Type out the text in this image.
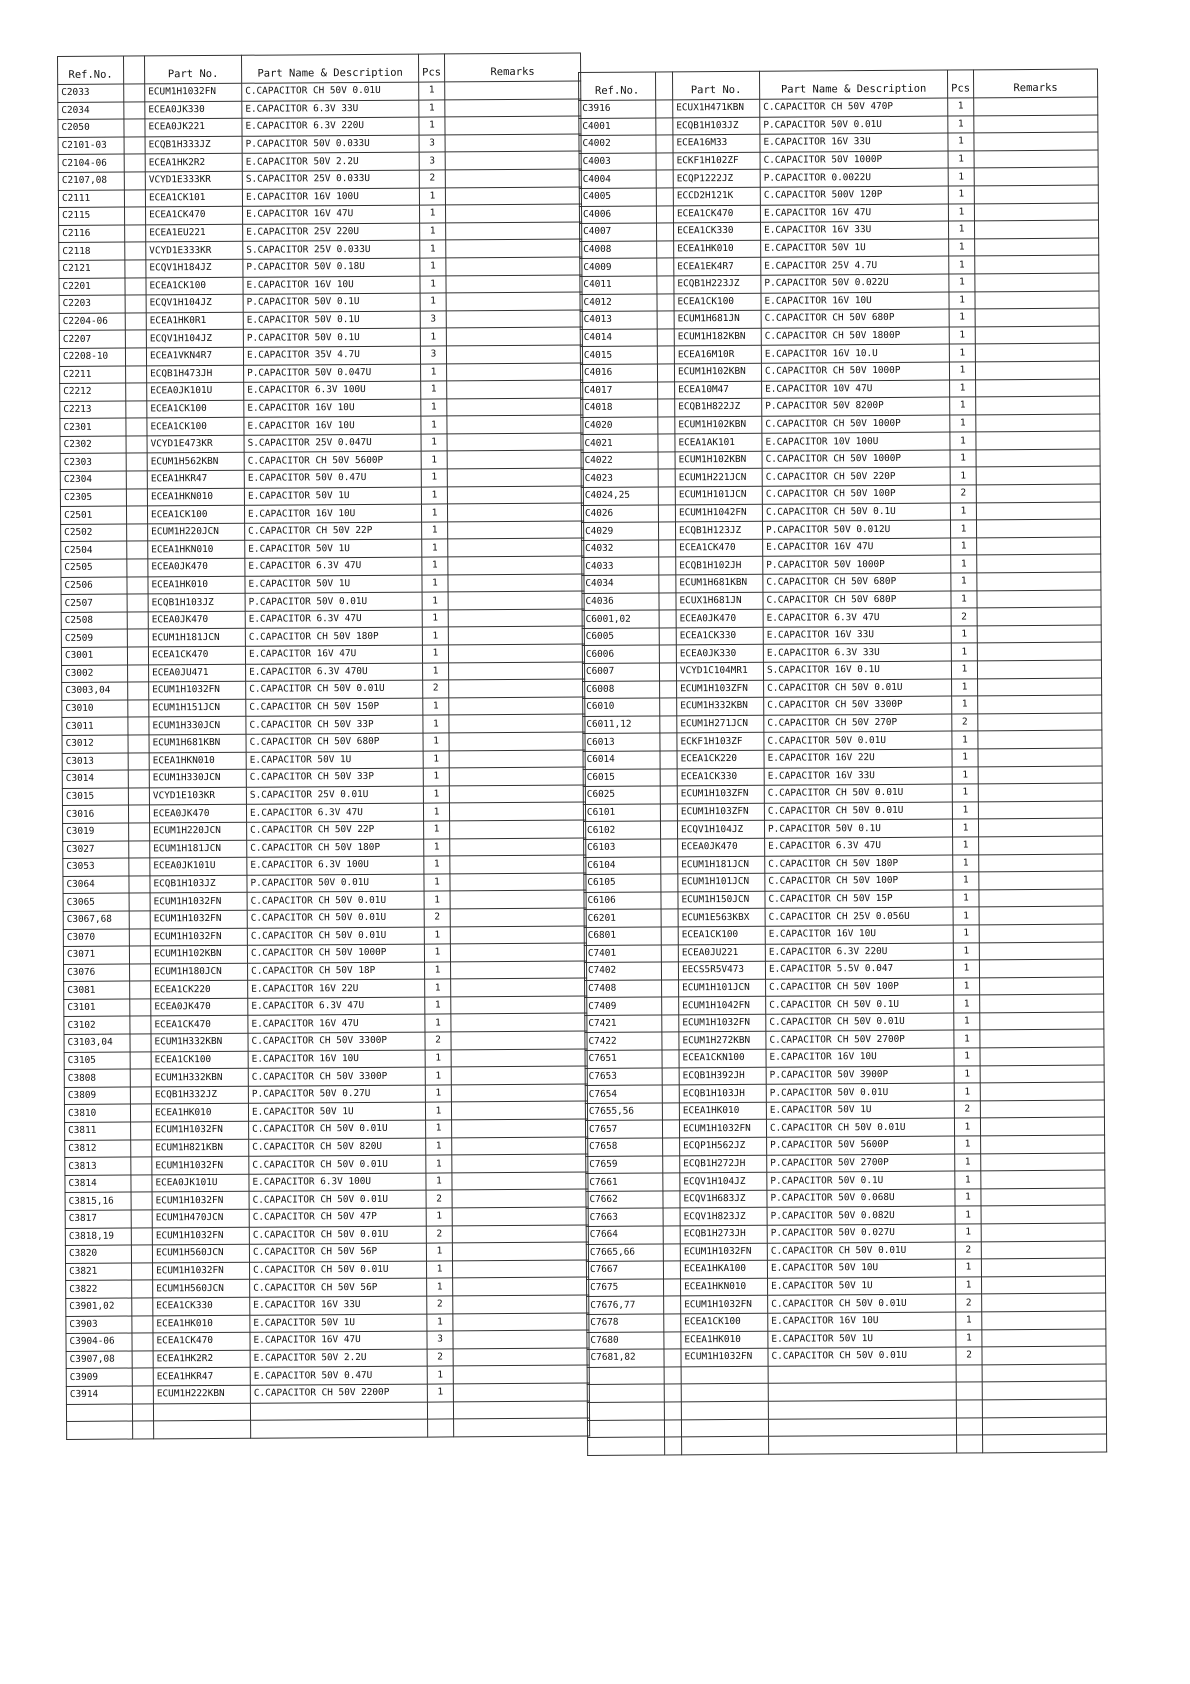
Ref.No.		Part No.	Part Name & Description	Pcs	Remarks
C2033		ECUM1H1032FN	C.CAPACITOR CH 50V 0.01U	1	
C2034		ECEA0JK330	E.CAPACITOR 6.3V 33U	1	
C2050		ECEA0JK221	E.CAPACITOR 6.3V 220U	1	
C2101-03		ECQB1H333JZ	P.CAPACITOR 50V 0.033U	3	
C2104-06		ECEA1HK2R2	E.CAPACITOR 50V 2.2U	3	
C2107,08		VCYD1E333KR	S.CAPACITOR 25V 0.033U	2	
C2111		ECEA1CK101	E.CAPACITOR 16V 100U	1	
C2115		ECEA1CK470	E.CAPACITOR 16V 47U	1	
C2116		ECEA1EU221	E.CAPACITOR 25V 220U	1	
C2118		VCYD1E333KR	S.CAPACITOR 25V 0.033U	1	
C2121		ECQV1H184JZ	P.CAPACITOR 50V 0.18U	1	
C2201		ECEA1CK100	E.CAPACITOR 16V 10U	1	
C2203		ECQV1H104JZ	P.CAPACITOR 50V 0.1U	1	
C2204-06		ECEA1HK0R1	E.CAPACITOR 50V 0.1U	3	
C2207		ECQV1H104JZ	P.CAPACITOR 50V 0.1U	1	
C2208-10		ECEA1VKN4R7	E.CAPACITOR 35V 4.7U	3	
C2211		ECQB1H473JH	P.CAPACITOR 50V 0.047U	1	
C2212		ECEA0JK101U	E.CAPACITOR 6.3V 100U	1	
C2213		ECEA1CK100	E.CAPACITOR 16V 10U	1	
C2301		ECEA1CK100	E.CAPACITOR 16V 10U	1	
C2302		VCYD1E473KR	S.CAPACITOR 25V 0.047U	1	
C2303		ECUM1H562KBN	C.CAPACITOR CH 50V 5600P	1	
C2304		ECEA1HKR47	E.CAPACITOR 50V 0.47U	1	
C2305		ECEA1HKN010	E.CAPACITOR 50V 1U	1	
C2501		ECEA1CK100	E.CAPACITOR 16V 10U	1	
C2502		ECUM1H220JCN	C.CAPACITOR CH 50V 22P	1	
C2504		ECEA1HKN010	E.CAPACITOR 50V 1U	1	
C2505		ECEA0JK470	E.CAPACITOR 6.3V 47U	1	
C2506		ECEA1HK010	E.CAPACITOR 50V 1U	1	
C2507		ECQB1H103JZ	P.CAPACITOR 50V 0.01U	1	
C2508		ECEA0JK470	E.CAPACITOR 6.3V 47U	1	
C2509		ECUM1H181JCN	C.CAPACITOR CH 50V 180P	1	
C3001		ECEA1CK470	E.CAPACITOR 16V 47U	1	
C3002		ECEA0JU471	E.CAPACITOR 6.3V 470U	1	
C3003,04		ECUM1H1032FN	C.CAPACITOR CH 50V 0.01U	2	
C3010		ECUM1H151JCN	C.CAPACITOR CH 50V 150P	1	
C3011		ECUM1H330JCN	C.CAPACITOR CH 50V 33P	1	
C3012		ECUM1H681KBN	C.CAPACITOR CH 50V 680P	1	
C3013		ECEA1HKN010	E.CAPACITOR 50V 1U	1	
C3014		ECUM1H330JCN	C.CAPACITOR CH 50V 33P	1	
C3015		VCYD1E103KR	S.CAPACITOR 25V 0.01U	1	
C3016		ECEA0JK470	E.CAPACITOR 6.3V 47U	1	
C3019		ECUM1H220JCN	C.CAPACITOR CH 50V 22P	1	
C3027		ECUM1H181JCN	C.CAPACITOR CH 50V 180P	1	
C3053		ECEA0JK101U	E.CAPACITOR 6.3V 100U	1	
C3064		ECQB1H103JZ	P.CAPACITOR 50V 0.01U	1	
C3065		ECUM1H1032FN	C.CAPACITOR CH 50V 0.01U	1	
C3067,68		ECUM1H1032FN	C.CAPACITOR CH 50V 0.01U	2	
C3070		ECUM1H1032FN	C.CAPACITOR CH 50V 0.01U	1	
C3071		ECUM1H102KBN	C.CAPACITOR CH 50V 1000P	1	
C3076		ECUM1H180JCN	C.CAPACITOR CH 50V 18P	1	
C3081		ECEA1CK220	E.CAPACITOR 16V 22U	1	
C3101		ECEA0JK470	E.CAPACITOR 6.3V 47U	1	
C3102		ECEA1CK470	E.CAPACITOR 16V 47U	1	
C3103,04		ECUM1H332KBN	C.CAPACITOR CH 50V 3300P	2	
C3105		ECEA1CK100	E.CAPACITOR 16V 10U	1	
C3808		ECUM1H332KBN	C.CAPACITOR CH 50V 3300P	1	
C3809		ECQB1H332JZ	P.CAPACITOR 50V 0.27U	1	
C3810		ECEA1HK010	E.CAPACITOR 50V 1U	1	
C3811		ECUM1H1032FN	C.CAPACITOR CH 50V 0.01U	1	
C3812		ECUM1H821KBN	C.CAPACITOR CH 50V 820U	1	
C3813		ECUM1H1032FN	C.CAPACITOR CH 50V 0.01U	1	
C3814		ECEA0JK101U	E.CAPACITOR 6.3V 100U	1	
C3815,16		ECUM1H1032FN	C.CAPACITOR CH 50V 0.01U	2	
C3817		ECUM1H470JCN	C.CAPACITOR CH 50V 47P	1	
C3818,19		ECUM1H1032FN	C.CAPACITOR CH 50V 0.01U	2	
C3820		ECUM1H560JCN	C.CAPACITOR CH 50V 56P	1	
C3821		ECUM1H1032FN	C.CAPACITOR CH 50V 0.01U	1	
C3822		ECUM1H560JCN	C.CAPACITOR CH 50V 56P	1	
C3901,02		ECEA1CK330	E.CAPACITOR 16V 33U	2	
C3903		ECEA1HK010	E.CAPACITOR 50V 1U	1	
C3904-06		ECEA1CK470	E.CAPACITOR 16V 47U	3	
C3907,08		ECEA1HK2R2	E.CAPACITOR 50V 2.2U	2	
C3909		ECEA1HKR47	E.CAPACITOR 50V 0.47U	1	
C3914		ECUM1H222KBN	C.CAPACITOR CH 50V 2200P	1	

Ref.No.		Part No.	Part Name & Description	Pcs	Remarks
C3916		ECUX1H471KBN	C.CAPACITOR CH 50V 470P	1	
C4001		ECQB1H103JZ	P.CAPACITOR 50V 0.01U	1	
C4002		ECEA16M33	E.CAPACITOR 16V 33U	1	
C4003		ECKF1H102ZF	C.CAPACITOR 50V 1000P	1	
C4004		ECQP1222JZ	P.CAPACITOR 0.0022U	1	
C4005		ECCD2H121K	C.CAPACITOR 500V 120P	1	
C4006		ECEA1CK470	E.CAPACITOR 16V 47U	1	
C4007		ECEA1CK330	E.CAPACITOR 16V 33U	1	
C4008		ECEA1HK010	E.CAPACITOR 50V 1U	1	
C4009		ECEA1EK4R7	E.CAPACITOR 25V 4.7U	1	
C4011		ECQB1H223JZ	P.CAPACITOR 50V 0.022U	1	
C4012		ECEA1CK100	E.CAPACITOR 16V 10U	1	
C4013		ECUM1H681JN	C.CAPACITOR CH 50V 680P	1	
C4014		ECUM1H182KBN	C.CAPACITOR CH 50V 1800P	1	
C4015		ECEA16M10R	E.CAPACITOR 16V 10.U	1	
C4016		ECUM1H102KBN	C.CAPACITOR CH 50V 1000P	1	
C4017		ECEA10M47	E.CAPACITOR 10V 47U	1	
C4018		ECQB1H822JZ	P.CAPACITOR 50V 8200P	1	
C4020		ECUM1H102KBN	C.CAPACITOR CH 50V 1000P	1	
C4021		ECEA1AK101	E.CAPACITOR 10V 100U	1	
C4022		ECUM1H102KBN	C.CAPACITOR CH 50V 1000P	1	
C4023		ECUM1H221JCN	C.CAPACITOR CH 50V 220P	1	
C4024,25		ECUM1H101JCN	C.CAPACITOR CH 50V 100P	2	
C4026		ECUM1H1042FN	C.CAPACITOR CH 50V 0.1U	1	
C4029		ECQB1H123JZ	P.CAPACITOR 50V 0.012U	1	
C4032		ECEA1CK470	E.CAPACITOR 16V 47U	1	
C4033		ECQB1H102JH	P.CAPACITOR 50V 1000P	1	
C4034		ECUM1H681KBN	C.CAPACITOR CH 50V 680P	1	
C4036		ECUX1H681JN	C.CAPACITOR CH 50V 680P	1	
C6001,02		ECEA0JK470	E.CAPACITOR 6.3V 47U	2	
C6005		ECEA1CK330	E.CAPACITOR 16V 33U	1	
C6006		ECEA0JK330	E.CAPACITOR 6.3V 33U	1	
C6007		VCYD1C104MR1	S.CAPACITOR 16V 0.1U	1	
C6008		ECUM1H103ZFN	C.CAPACITOR CH 50V 0.01U	1	
C6010		ECUM1H332KBN	C.CAPACITOR CH 50V 3300P	1	
C6011,12		ECUM1H271JCN	C.CAPACITOR CH 50V 270P	2	
C6013		ECKF1H103ZF	C.CAPACITOR 50V 0.01U	1	
C6014		ECEA1CK220	E.CAPACITOR 16V 22U	1	
C6015		ECEA1CK330	E.CAPACITOR 16V 33U	1	
C6025		ECUM1H103ZFN	C.CAPACITOR CH 50V 0.01U	1	
C6101		ECUM1H103ZFN	C.CAPACITOR CH 50V 0.01U	1	
C6102		ECQV1H104JZ	P.CAPACITOR 50V 0.1U	1	
C6103		ECEA0JK470	E.CAPACITOR 6.3V 47U	1	
C6104		ECUM1H181JCN	C.CAPACITOR CH 50V 180P	1	
C6105		ECUM1H101JCN	C.CAPACITOR CH 50V 100P	1	
C6106		ECUM1H150JCN	C.CAPACITOR CH 50V 15P	1	
C6201		ECUM1E563KBX	C.CAPACITOR CH 25V 0.056U	1	
C6801		ECEA1CK100	E.CAPACITOR 16V 10U	1	
C7401		ECEA0JU221	E.CAPACITOR 6.3V 220U	1	
C7402		EECS5R5V473	E.CAPACITOR 5.5V 0.047	1	
C7408		ECUM1H101JCN	C.CAPACITOR CH 50V 100P	1	
C7409		ECUM1H1042FN	C.CAPACITOR CH 50V 0.1U	1	
C7421		ECUM1H1032FN	C.CAPACITOR CH 50V 0.01U	1	
C7422		ECUM1H272KBN	C.CAPACITOR CH 50V 2700P	1	
C7651		ECEA1CKN100	E.CAPACITOR 16V 10U	1	
C7653		ECQB1H392JH	P.CAPACITOR 50V 3900P	1	
C7654		ECQB1H103JH	P.CAPACITOR 50V 0.01U	1	
C7655,56		ECEA1HK010	E.CAPACITOR 50V 1U	2	
C7657		ECUM1H1032FN	C.CAPACITOR CH 50V 0.01U	1	
C7658		ECQP1H562JZ	P.CAPACITOR 50V 5600P	1	
C7659		ECQB1H272JH	P.CAPACITOR 50V 2700P	1	
C7661		ECQV1H104JZ	P.CAPACITOR 50V 0.1U	1	
C7662		ECQV1H683JZ	P.CAPACITOR 50V 0.068U	1	
C7663		ECQV1H823JZ	P.CAPACITOR 50V 0.082U	1	
C7664		ECQB1H273JH	P.CAPACITOR 50V 0.027U	1	
C7665,66		ECUM1H1032FN	C.CAPACITOR CH 50V 0.01U	2	
C7667		ECEA1HKA100	E.CAPACITOR 50V 10U	1	
C7675		ECEA1HKN010	E.CAPACITOR 50V 1U	1	
C7676,77		ECUM1H1032FN	C.CAPACITOR CH 50V 0.01U	2	
C7678		ECEA1CK100	E.CAPACITOR 16V 10U	1	
C7680		ECEA1HK010	E.CAPACITOR 50V 1U	1	
C7681,82		ECUM1H1032FN	C.CAPACITOR CH 50V 0.01U	2	
